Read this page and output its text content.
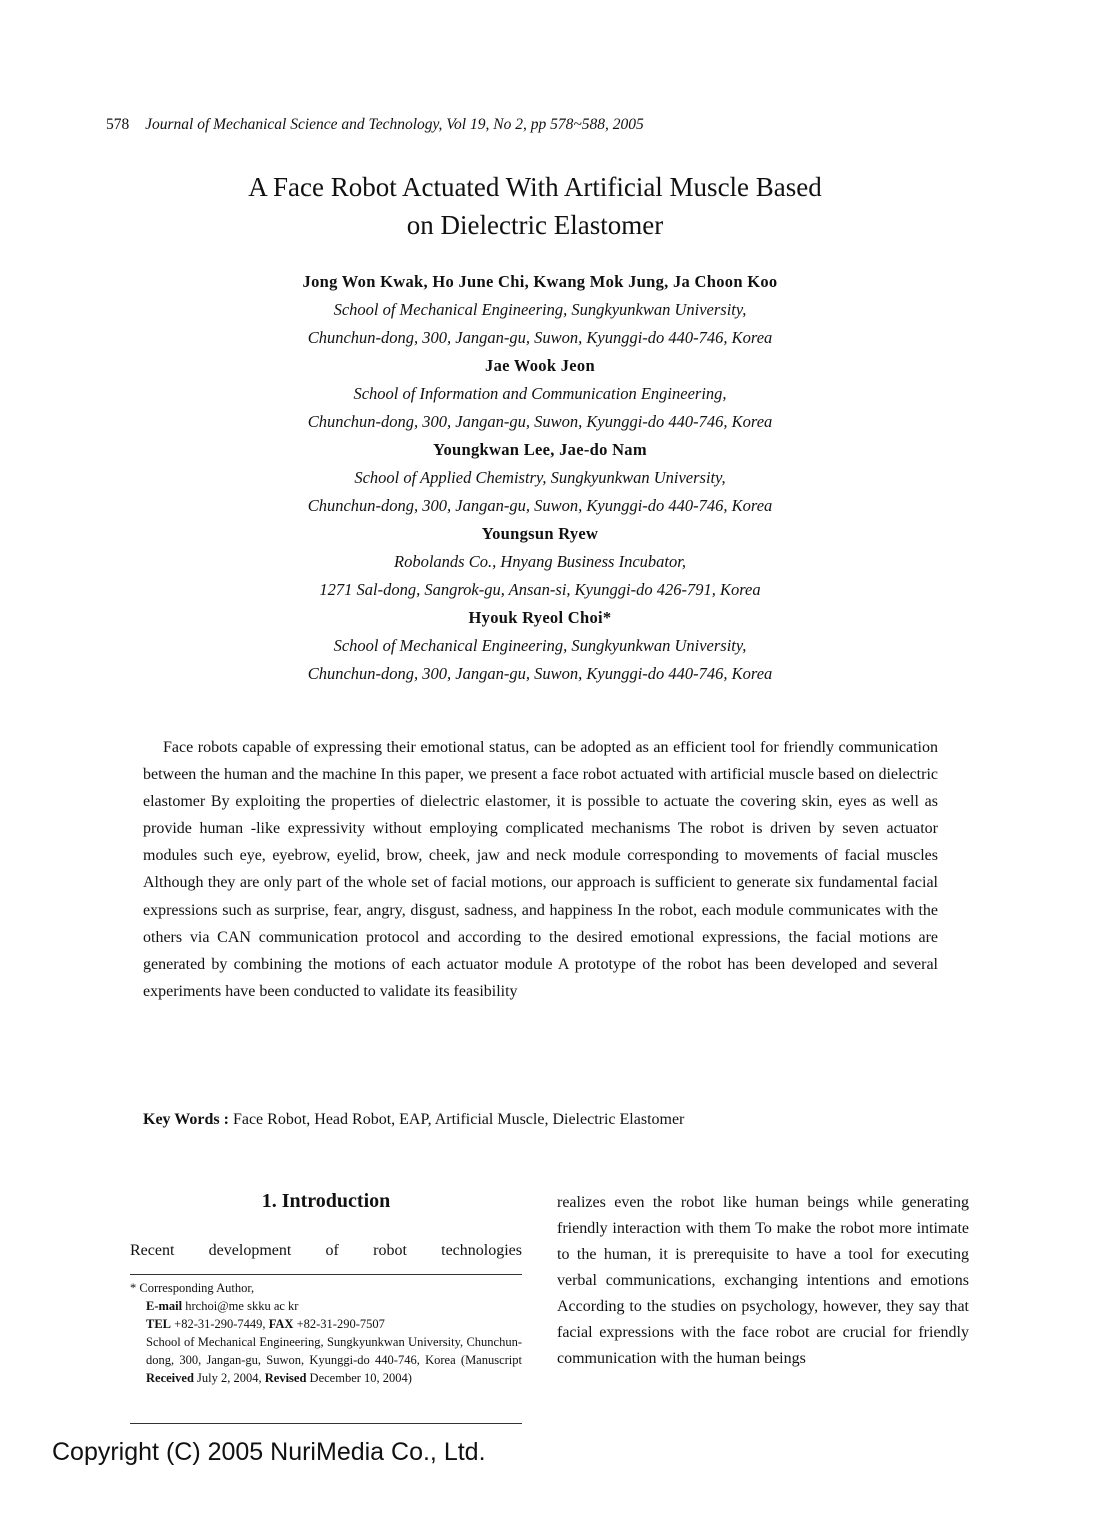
578 Journal of Mechanical Science and Technology, Vol 19, No 2, pp 578~588, 2005
A Face Robot Actuated With Artificial Muscle Based
on Dielectric Elastomer
Jong Won Kwak, Ho June Chi, Kwang Mok Jung, Ja Choon Koo
School of Mechanical Engineering, Sungkyunkwan University,
Chunchun-dong, 300, Jangan-gu, Suwon, Kyunggi-do 440-746, Korea
Jae Wook Jeon
School of Information and Communication Engineering,
Chunchun-dong, 300, Jangan-gu, Suwon, Kyunggi-do 440-746, Korea
Youngkwan Lee, Jae-do Nam
School of Applied Chemistry, Sungkyunkwan University,
Chunchun-dong, 300, Jangan-gu, Suwon, Kyunggi-do 440-746, Korea
Youngsun Ryew
Robolands Co., Hnyang Business Incubator,
1271 Sal-dong, Sangrok-gu, Ansan-si, Kyunggi-do 426-791, Korea
Hyouk Ryeol Choi*
School of Mechanical Engineering, Sungkyunkwan University,
Chunchun-dong, 300, Jangan-gu, Suwon, Kyunggi-do 440-746, Korea

Face robots capable of expressing their emotional status, can be adopted as an efficient tool for friendly communication between the human and the machine In this paper, we present a face robot actuated with artificial muscle based on dielectric elastomer By exploiting the properties of dielectric elastomer, it is possible to actuate the covering skin, eyes as well as provide human -like expressivity without employing complicated mechanisms The robot is driven by seven actuator modules such eye, eyebrow, eyelid, brow, cheek, jaw and neck module corresponding to movements of facial muscles Although they are only part of the whole set of facial motions, our approach is sufficient to generate six fundamental facial expressions such as surprise, fear, angry, disgust, sadness, and happiness In the robot, each module communicates with the others via CAN communication protocol and according to the desired emotional expressions, the facial motions are generated by combining the motions of each actuator module A prototype of the robot has been developed and several experiments have been conducted to validate its feasibility

Key Words : Face Robot, Head Robot, EAP, Artificial Muscle, Dielectric Elastomer
1. Introduction

Recent development of robot technologies

* Corresponding Author,

E-mail hrchoi@me skku ac kr

TEL +82-31-290-7449, FAX +82-31-290-7507

School of Mechanical Engineering, Sungkyunkwan University, Chunchun-dong, 300, Jangan-gu, Suwon, Kyunggi-do 440-746, Korea (Manuscript Received July 2, 2004, Revised December 10, 2004)

realizes even the robot like human beings while generating friendly interaction with them To make the robot more intimate to the human, it is prerequisite to have a tool for executing verbal communications, exchanging intentions and emotions According to the studies on psychology, however, they say that facial expressions with the face robot are crucial for friendly communication with the human beings

Copyright (C) 2005 NuriMedia Co., Ltd.
